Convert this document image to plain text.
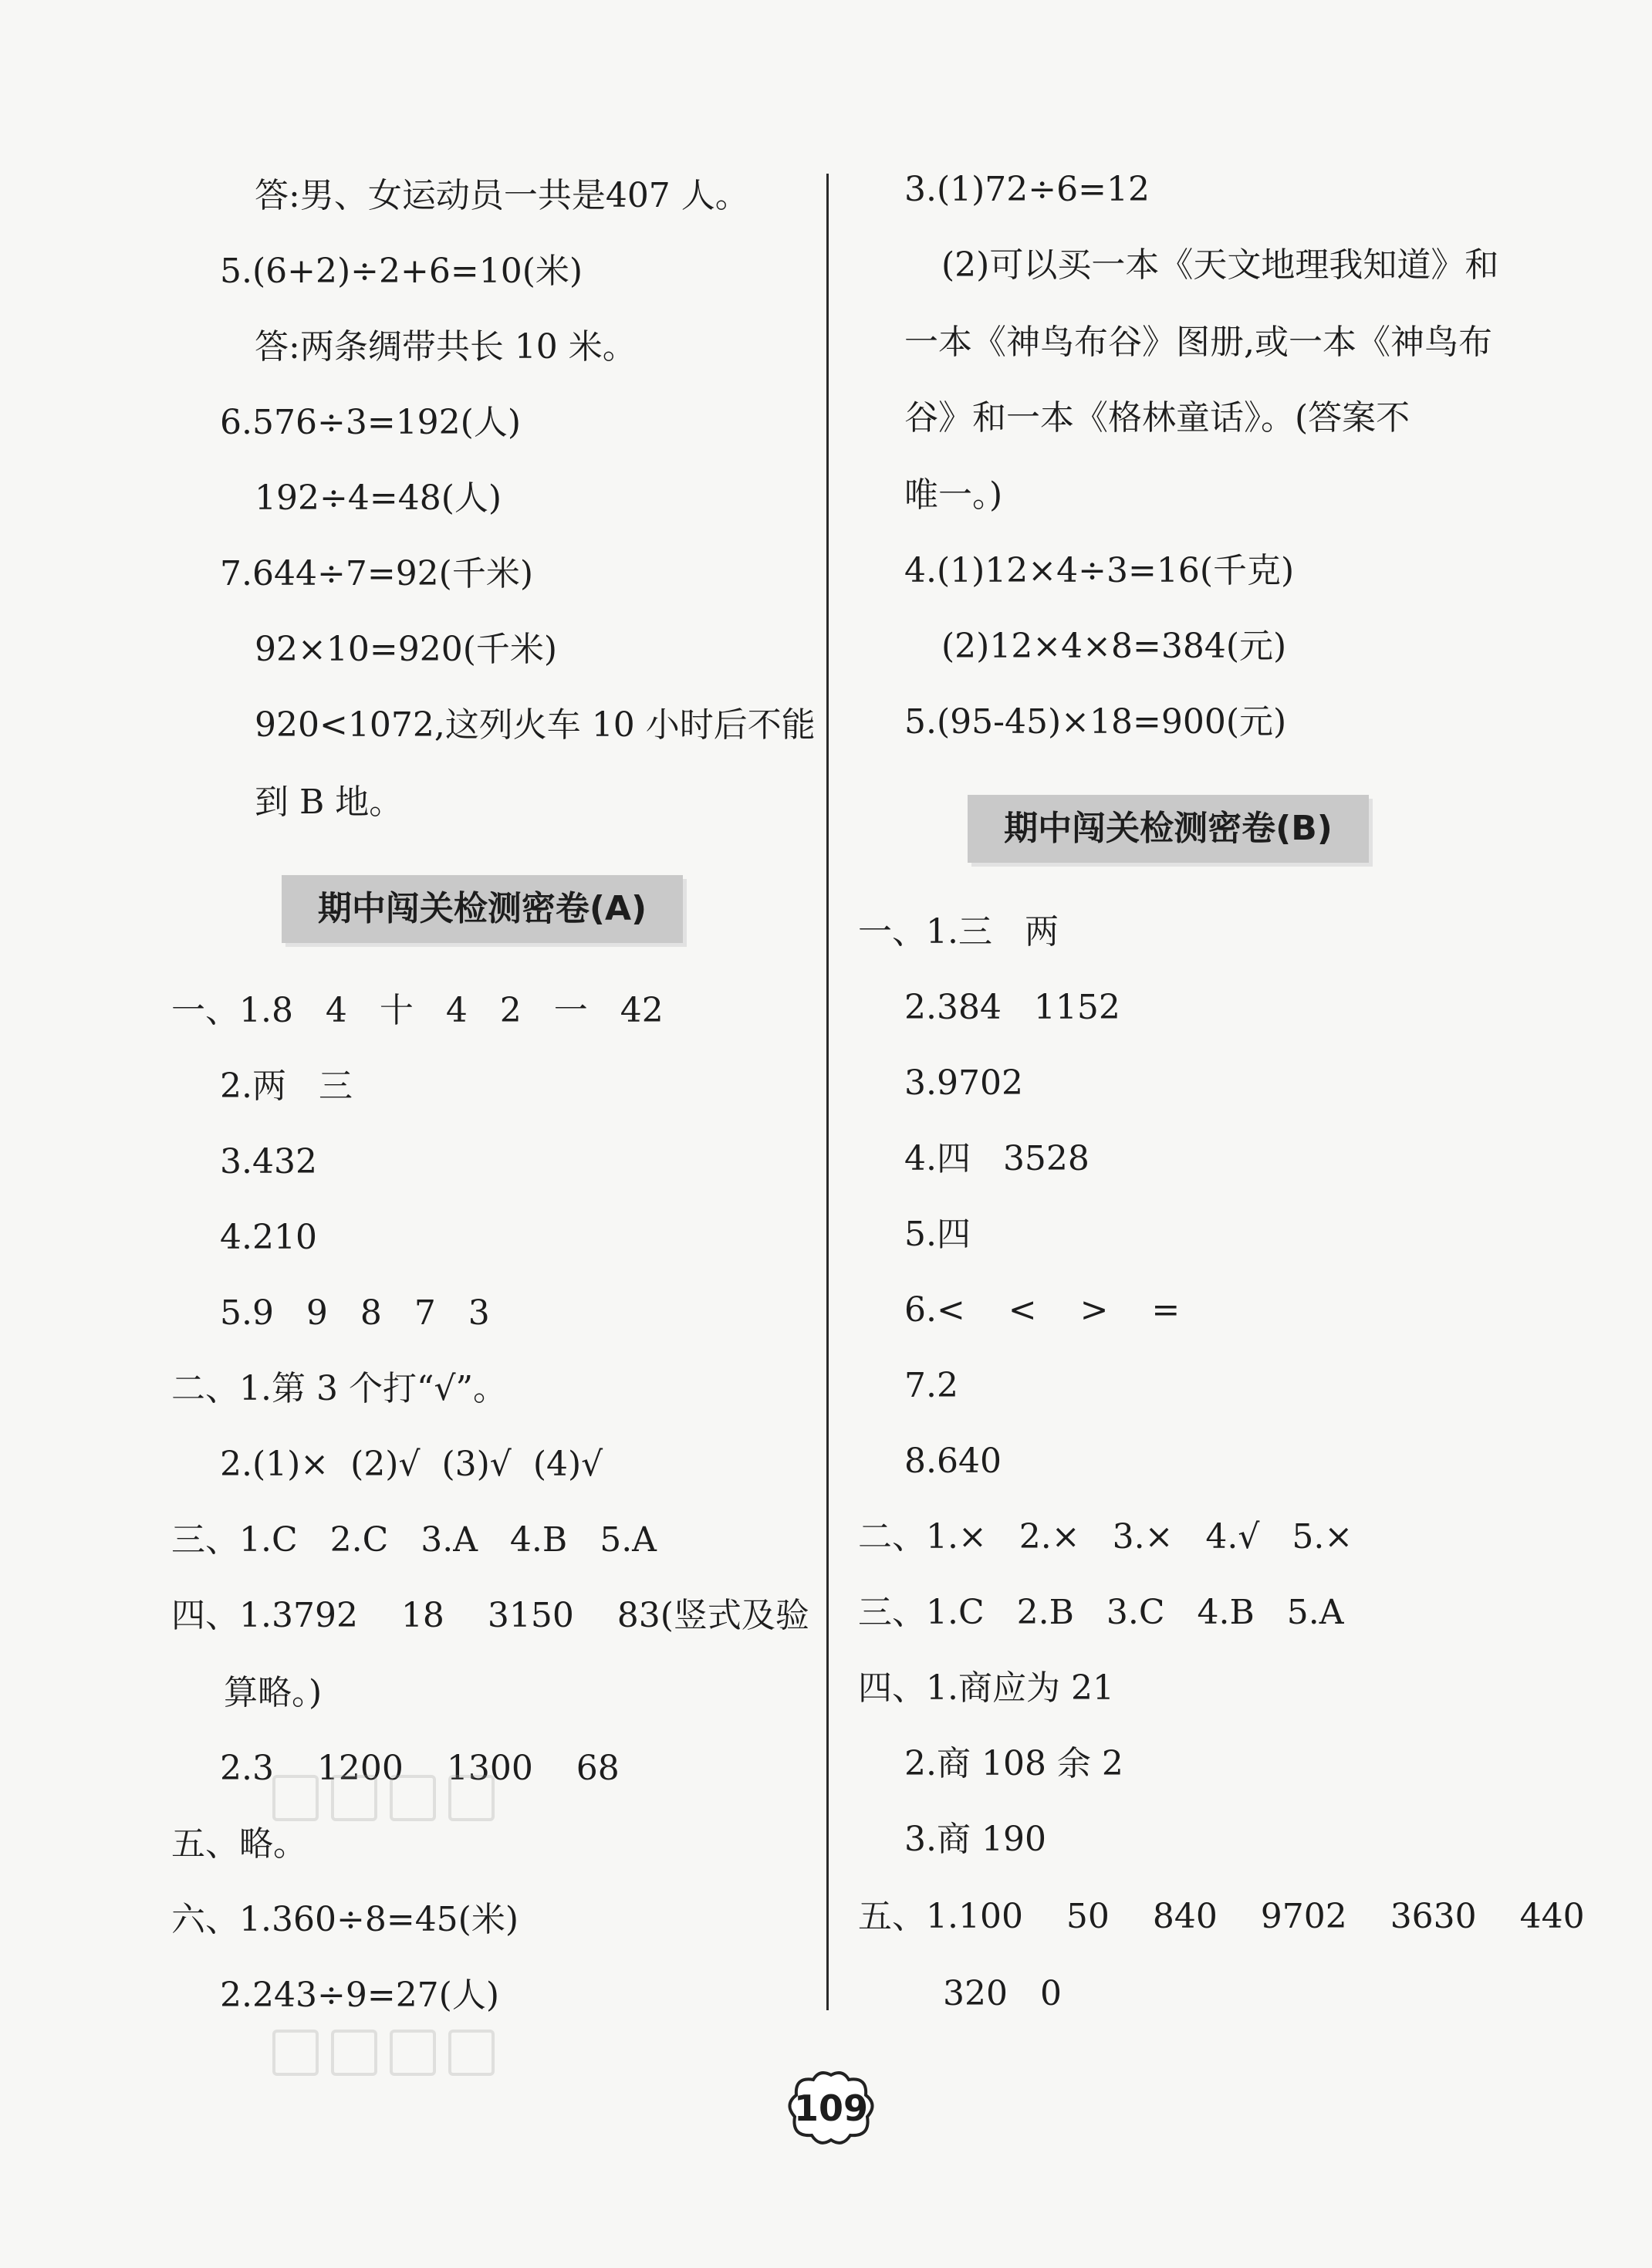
答:男、女运动员一共是407 人。
5.(6+2)÷2+6=10(米)
答:两条绸带共长 10 米。
6.576÷3=192(人)
192÷4=48(人)
7.644÷7=92(千米)
92×10=920(千米)
920<1072,这列火车 10 小时后不能
到 B 地。
期中闯关检测密卷(A)
一、1.8   4   十   4   2   一   42
2.两   三
3.432
4.210
5.9   9   8   7   3
二、1.第 3 个打“√”。
2.(1)×  (2)√  (3)√  (4)√
三、1.C   2.C   3.A   4.B   5.A
四、1.3792    18    3150    83(竖式及验
算略。)
2.3    1200    1300    68
五、略。
六、1.360÷8=45(米)
2.243÷9=27(人)
3.(1)72÷6=12
(2)可以买一本《天文地理我知道》和
一本《神鸟布谷》图册,或一本《神鸟布
谷》和一本《格林童话》。(答案不
唯一。)
4.(1)12×4÷3=16(千克)
(2)12×4×8=384(元)
5.(95-45)×18=900(元)
期中闯关检测密卷(B)
一、1.三   两
2.384   1152
3.9702
4.四   3528
5.四
6.<    <    >    =
7.2
8.640
二、1.×   2.×   3.×   4.√   5.×
三、1.C   2.B   3.C   4.B   5.A
四、1.商应为 21
2.商 108 余 2
3.商 190
五、1.100    50    840    9702    3630    440
320   0
109
